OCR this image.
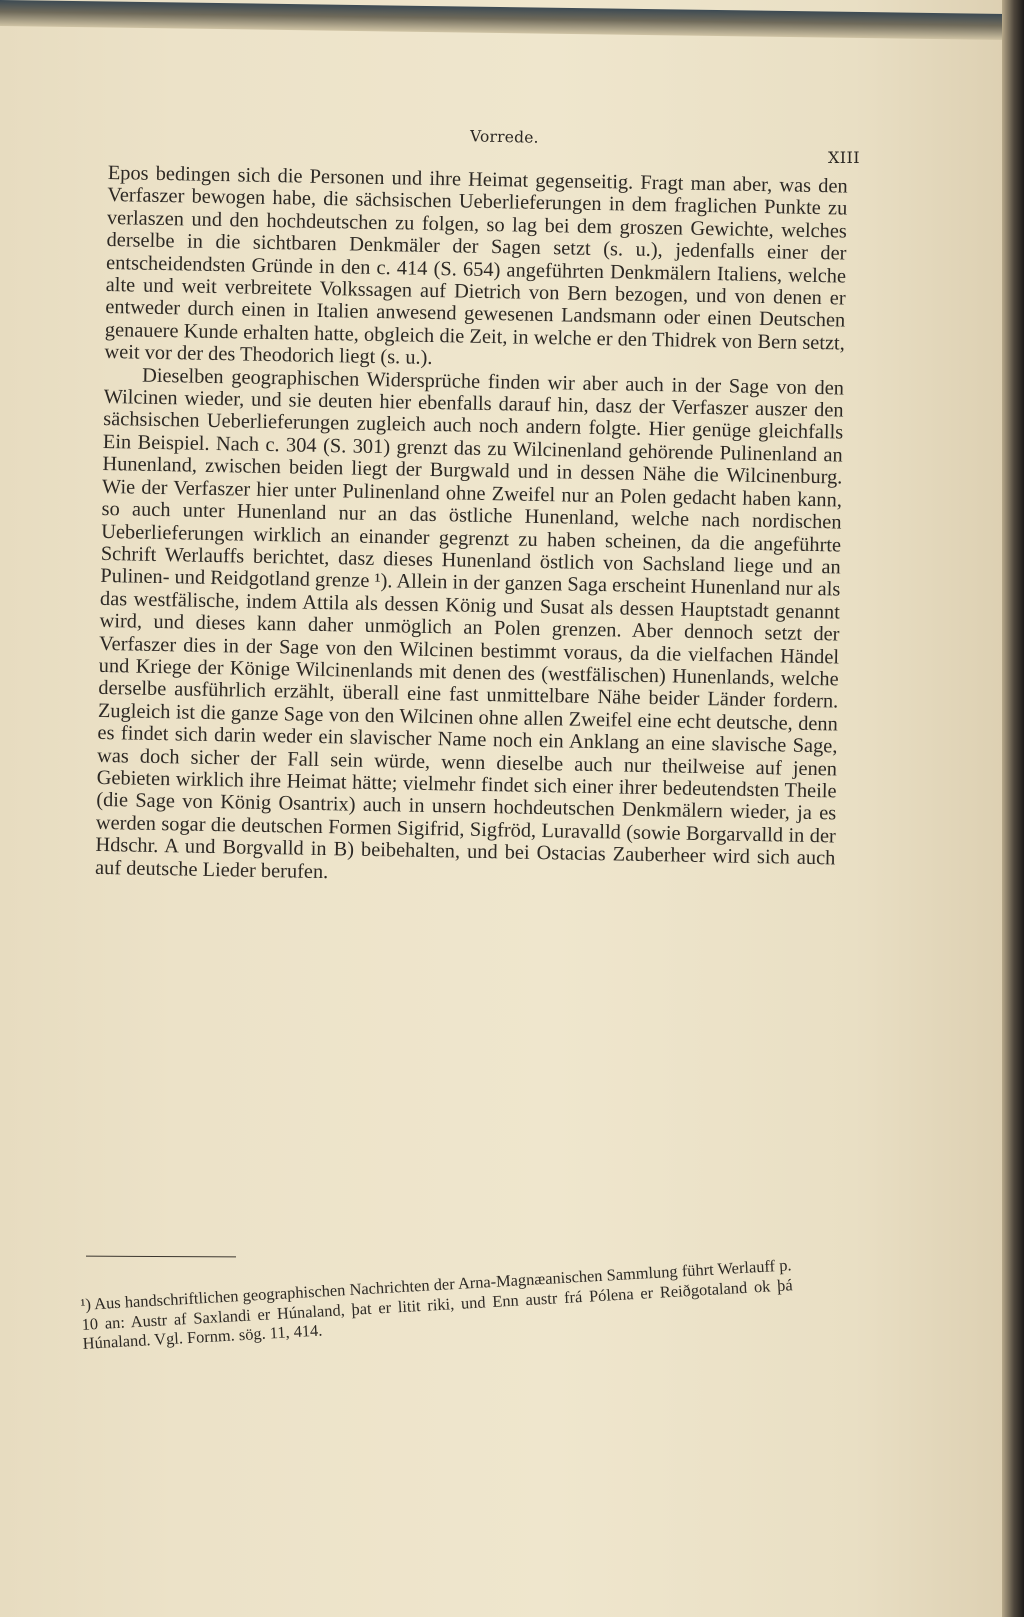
Vorrede.
XIII

Epos bedingen sich die Personen und ihre Heimat gegenseitig. Fragt man aber, was den Verfaszer bewogen habe, die sächsischen Ueberlieferungen in dem fraglichen Punkte zu verlaszen und den hochdeutschen zu folgen, so lag bei dem groszen Gewichte, welches derselbe in die sichtbaren Denkmäler der Sagen setzt (s. u.), jedenfalls einer der entscheidendsten Gründe in den c. 414 (S. 654) angeführten Denkmälern Italiens, welche alte und weit verbreitete Volkssagen auf Dietrich von Bern bezogen, und von denen er entweder durch einen in Italien anwesend gewesenen Landsmann oder einen Deutschen genauere Kunde erhalten hatte, obgleich die Zeit, in welche er den Thidrek von Bern setzt, weit vor der des Theodorich liegt (s. u.).

Dieselben geographischen Widersprüche finden wir aber auch in der Sage von den Wilcinen wieder, und sie deuten hier ebenfalls darauf hin, dasz der Verfaszer auszer den sächsischen Ueberlieferungen zugleich auch noch andern folgte. Hier genüge gleichfalls Ein Beispiel. Nach c. 304 (S. 301) grenzt das zu Wilcinenland gehörende Pulinenland an Hunenland, zwischen beiden liegt der Burgwald und in dessen Nähe die Wilcinenburg. Wie der Verfaszer hier unter Pulinenland ohne Zweifel nur an Polen gedacht haben kann, so auch unter Hunenland nur an das östliche Hunenland, welche nach nordischen Ueberlieferungen wirklich an einander gegrenzt zu haben scheinen, da die angeführte Schrift Werlauffs berichtet, dasz dieses Hunenland östlich von Sachsland liege und an Pulinen- und Reidgotland grenze ¹). Allein in der ganzen Saga erscheint Hunenland nur als das westfälische, indem Attila als dessen König und Susat als dessen Hauptstadt genannt wird, und dieses kann daher unmöglich an Polen grenzen. Aber dennoch setzt der Verfaszer dies in der Sage von den Wilcinen bestimmt voraus, da die vielfachen Händel und Kriege der Könige Wilcinenlands mit denen des (westfälischen) Hunenlands, welche derselbe ausführlich erzählt, überall eine fast unmittelbare Nähe beider Länder fordern. Zugleich ist die ganze Sage von den Wilcinen ohne allen Zweifel eine echt deutsche, denn es findet sich darin weder ein slavischer Name noch ein Anklang an eine slavische Sage, was doch sicher der Fall sein würde, wenn dieselbe auch nur theilweise auf jenen Gebieten wirklich ihre Heimat hätte; vielmehr findet sich einer ihrer bedeutendsten Theile (die Sage von König Osantrix) auch in unsern hochdeutschen Denkmälern wieder, ja es werden sogar die deutschen Formen Sigifrid, Sigfröd, Luravalld (sowie Borgarvalld in der Hdschr. A und Borgvalld in B) beibehalten, und bei Ostacias Zauberheer wird sich auch auf deutsche Lieder berufen.

¹) Aus handschriftlichen geographischen Nachrichten der Arna-Magnæanischen Sammlung führt Werlauff p. 10 an: Austr af Saxlandi er Húnaland, þat er litit riki, und Enn austr frá Pólena er Reiðgotaland ok þá Húnaland. Vgl. Fornm. sög. 11, 414.
